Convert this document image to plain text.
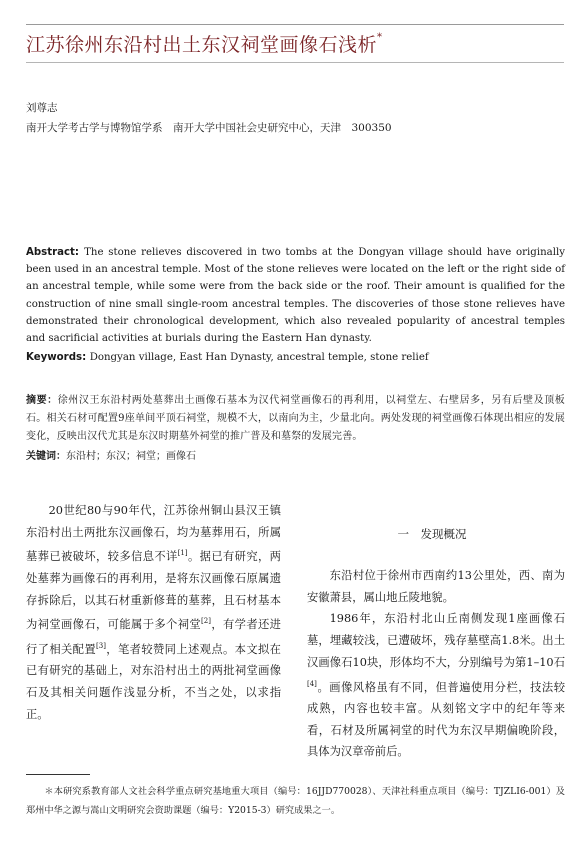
江苏徐州东沿村出土东汉祠堂画像石浅析*
刘尊志
南开大学考古学与博物馆学系　南开大学中国社会史研究中心，天津　300350
Abstract: The stone relieves discovered in two tombs at the Dongyan village should have originally been used in an ancestral temple. Most of the stone relieves were located on the left or the right side of an ancestral temple, while some were from the back side or the roof. Their amount is qualified for the construction of nine small single-room ancestral temples. The discoveries of those stone relieves have demonstrated their chronological development, which also revealed popularity of ancestral temples and sacrificial activities at burials during the Eastern Han dynasty.
Keywords: Dongyan village, East Han Dynasty, ancestral temple, stone relief
摘要：徐州汉王东沿村两处墓葬出土画像石基本为汉代祠堂画像石的再利用，以祠堂左、右壁居多，另有后壁及顶板石。相关石材可配置9座单间平顶石祠堂，规模不大，以南向为主，少量北向。两处发现的祠堂画像石体现出相应的发展变化，反映出汉代尤其是东汉时期墓外祠堂的推广普及和墓祭的发展完善。
关键词：东沿村；东汉；祠堂；画像石

20世纪80与90年代，江苏徐州铜山县汉王镇东沿村出土两批东汉画像石，均为墓葬用石，所属墓葬已被破坏，较多信息不详[1]。据已有研究，两处墓葬为画像石的再利用，是将东汉画像石原属遗存拆除后，以其石材重新修葺的墓葬，且石材基本为祠堂画像石，可能属于多个祠堂[2]，有学者还进行了相关配置[3]，笔者较赞同上述观点。本文拟在已有研究的基础上，对东沿村出土的两批祠堂画像石及其相关问题作浅显分析，不当之处，以求指正。

一　发现概况

东沿村位于徐州市西南约13公里处，西、南为安徽萧县，属山地丘陵地貌。

1986年，东沿村北山丘南侧发现1座画像石墓，埋藏较浅，已遭破坏，残存墓壁高1.8米。出土汉画像石10块，形体均不大，分别编号为第1–10石[4]。画像风格虽有不同，但普遍使用分栏，技法较成熟，内容也较丰富。从刻铭文字中的纪年等来看，石材及所属祠堂的时代为东汉早期偏晚阶段，具体为汉章帝前后。

＊本研究系教育部人文社会科学重点研究基地重大项目（编号：16JJD770028）、天津社科重点项目（编号：TJZLI6-001）及郑州中华之源与嵩山文明研究会资助课题（编号：Y2015-3）研究成果之一。
